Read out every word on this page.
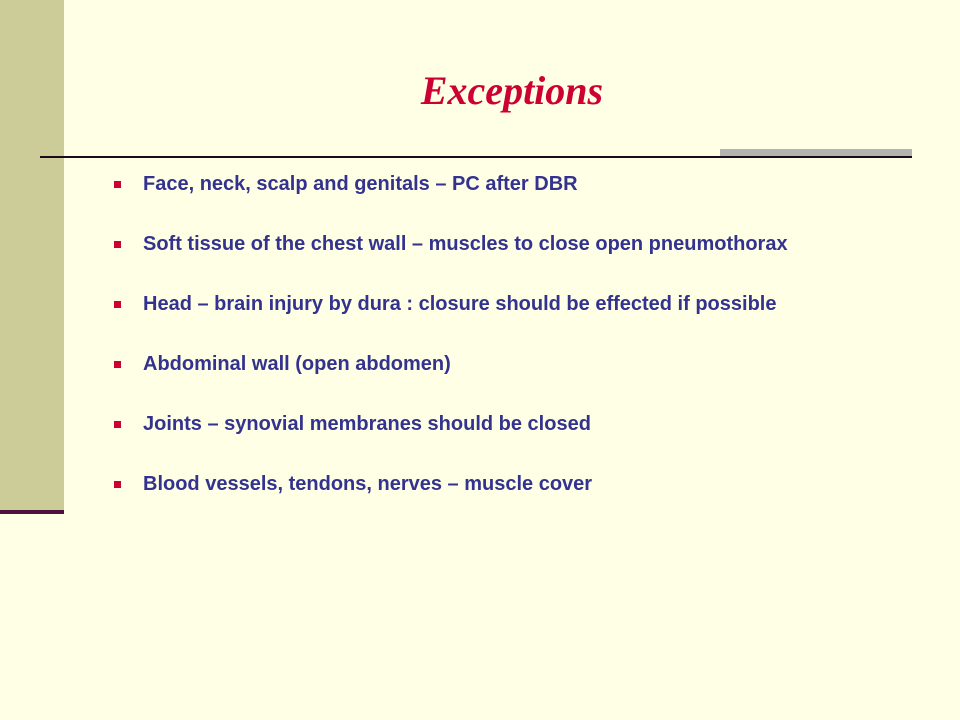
Exceptions
Face, neck, scalp and genitals – PC after DBR
Soft tissue of the chest wall – muscles to close open pneumothorax
Head – brain injury by dura : closure should be effected if possible
Abdominal wall (open abdomen)
Joints – synovial membranes should be closed
Blood vessels, tendons, nerves – muscle cover
